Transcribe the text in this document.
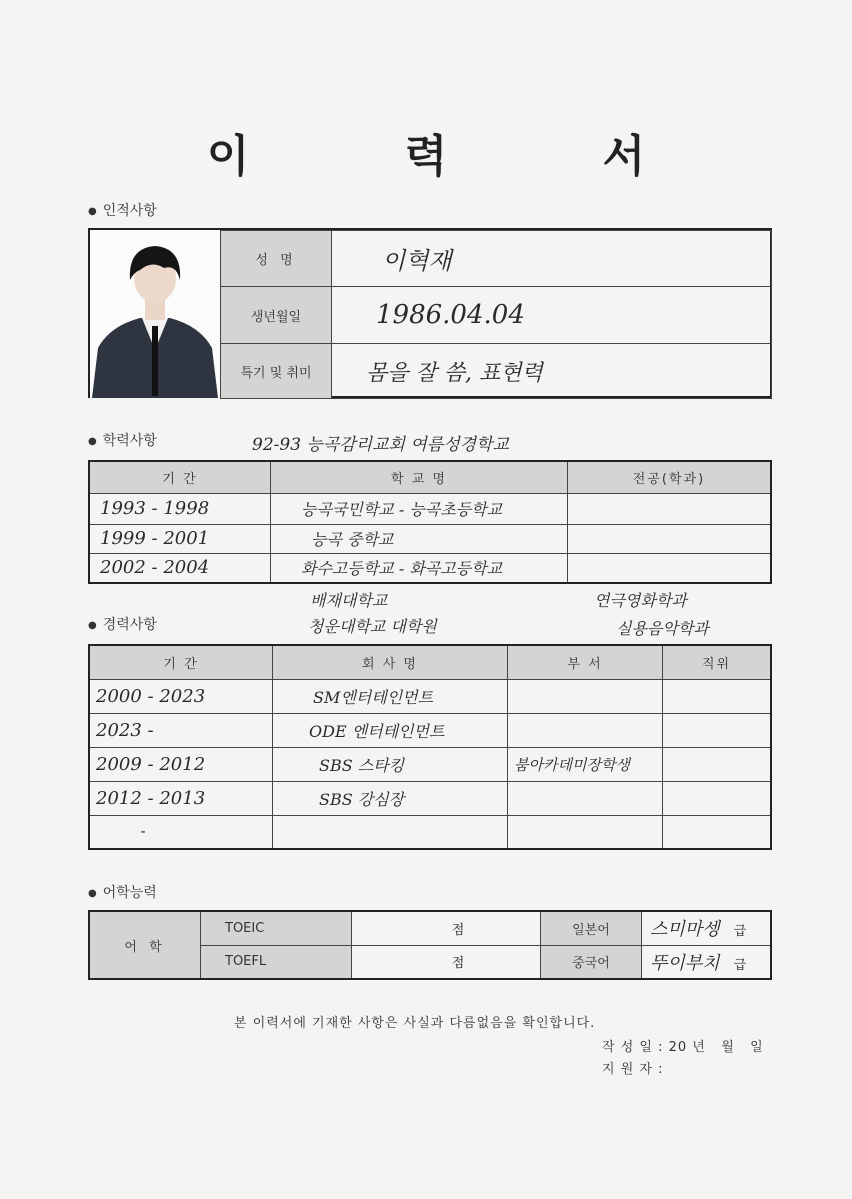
이 력 서
● 인적사항
성 명	이혁재
생년월일	1986.04.04
특기 및 취미	몸을 잘 씀, 표현력
● 학력사항	92-93 능곡감리교회 여름성경학교
기 간	학 교 명	전공(학과)
1993 - 1998	능곡국민학교 - 능곡초등학교	
1999 - 2001	능곡 중학교	
2002 - 2004	화수고등학교 - 화곡고등학교	
배재대학교	연극영화학과
청운대학교 대학원	실용음악학과
● 경력사항
기 간	회 사 명	부 서	직위
2000 - 2023	SM엔터테인먼트		
2023 -	ODE 엔터테인먼트		
2009 - 2012	SBS 스타킹	붐아카데미장학생	
2012 - 2013	SBS 강심장		
-			
● 어학능력
어 학	TOEIC	점	일본어	스미마셍 급
	TOEFL	점	중국어	뚜이부치 급
본 이력서에 기재한 사항은 사실과 다름없음을 확인합니다.
작 성 일 : 20 년   월   일
지 원 자 :
